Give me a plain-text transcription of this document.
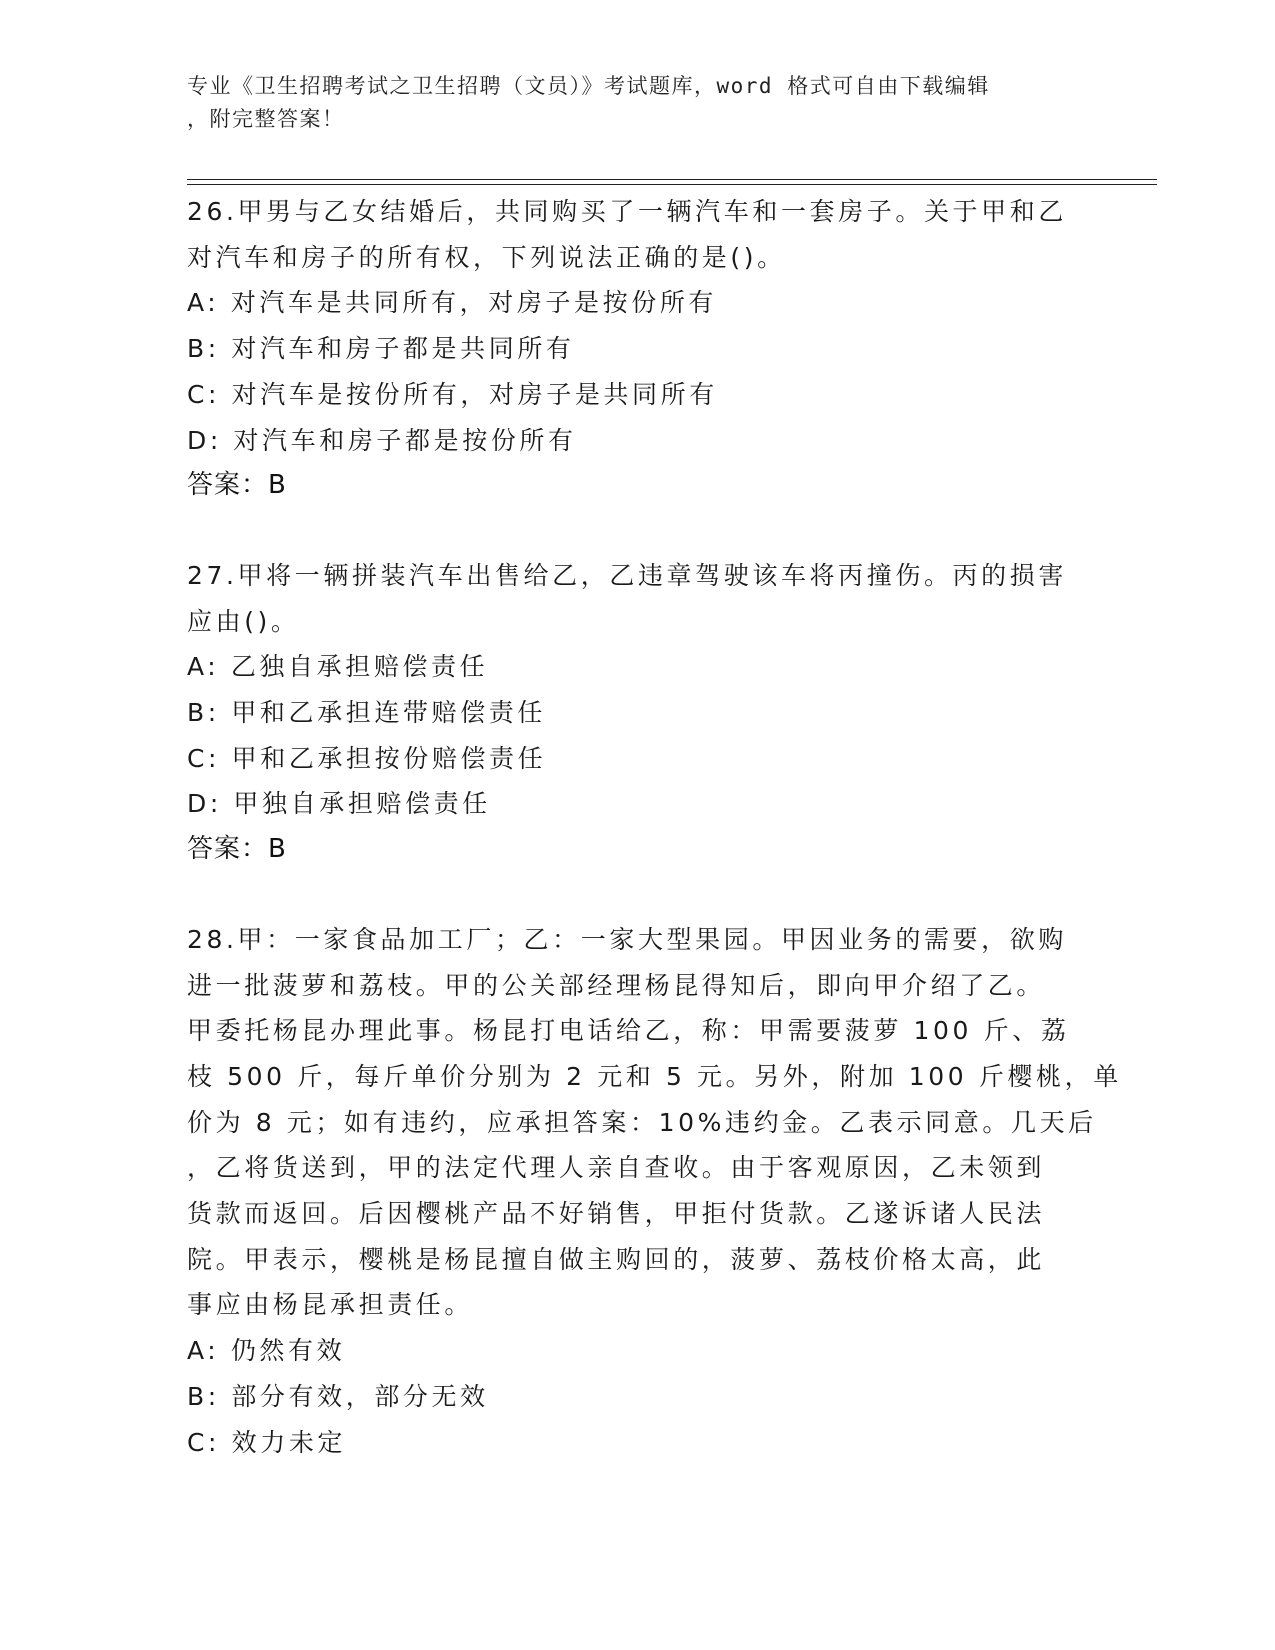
专业《卫生招聘考试之卫生招聘（文员）》考试题库，word 格式可自由下载编辑
，附完整答案！

26.甲男与乙女结婚后，共同购买了一辆汽车和一套房子。关于甲和乙

对汽车和房子的所有权，下列说法正确的是()。

A: 对汽车是共同所有，对房子是按份所有

B: 对汽车和房子都是共同所有

C: 对汽车是按份所有，对房子是共同所有

D: 对汽车和房子都是按份所有

答案：B

27.甲将一辆拼装汽车出售给乙，乙违章驾驶该车将丙撞伤。丙的损害

应由()。

A: 乙独自承担赔偿责任

B: 甲和乙承担连带赔偿责任

C: 甲和乙承担按份赔偿责任

D: 甲独自承担赔偿责任

答案：B

28.甲：一家食品加工厂；乙：一家大型果园。甲因业务的需要，欲购

进一批菠萝和荔枝。甲的公关部经理杨昆得知后，即向甲介绍了乙。

甲委托杨昆办理此事。杨昆打电话给乙，称：甲需要菠萝 100 斤、荔

枝 500 斤，每斤单价分别为 2 元和 5 元。另外，附加 100 斤樱桃，单

价为 8 元；如有违约，应承担答案：10%违约金。乙表示同意。几天后

，乙将货送到，甲的法定代理人亲自查收。由于客观原因，乙未领到

货款而返回。后因樱桃产品不好销售，甲拒付货款。乙遂诉诸人民法

院。甲表示，樱桃是杨昆擅自做主购回的，菠萝、荔枝价格太高，此

事应由杨昆承担责任。

A: 仍然有效

B: 部分有效，部分无效

C: 效力未定
